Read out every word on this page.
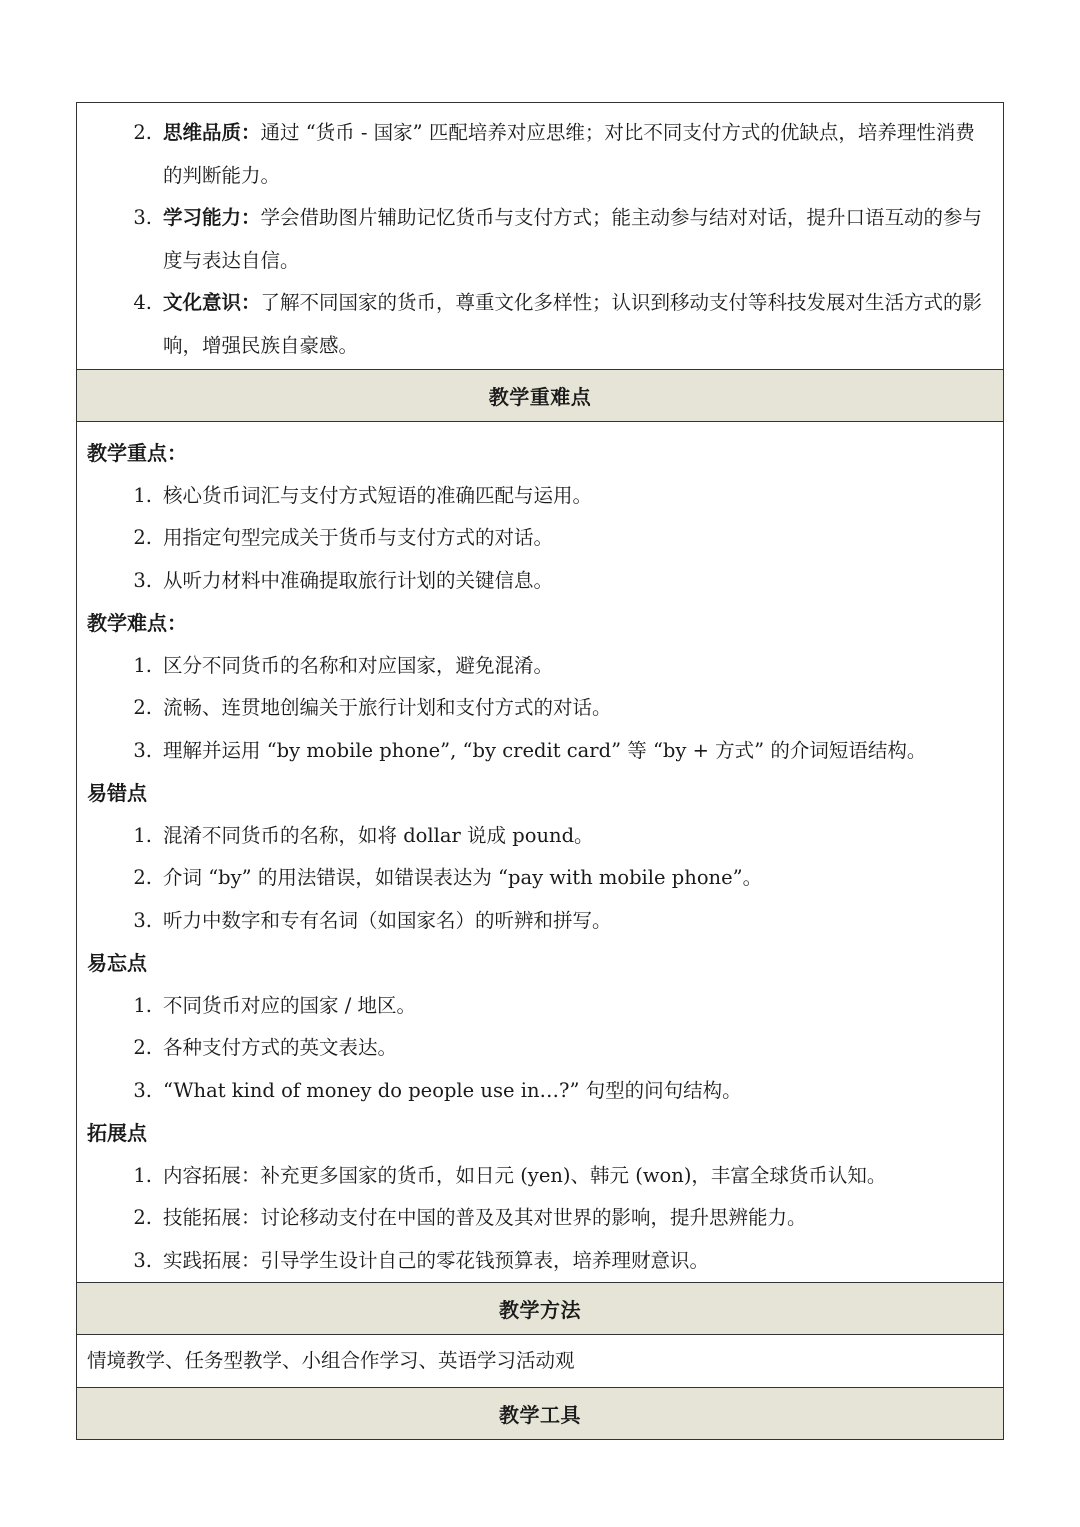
2. 思维品质：通过 “货币 - 国家” 匹配培养对应思维；对比不同支付方式的优缺点，培养理性消费的判断能力。
3. 学习能力：学会借助图片辅助记忆货币与支付方式；能主动参与结对对话，提升口语互动的参与度与表达自信。
4. 文化意识：了解不同国家的货币，尊重文化多样性；认识到移动支付等科技发展对生活方式的影响，增强民族自豪感。
教学重难点
教学重点：
1. 核心货币词汇与支付方式短语的准确匹配与运用。
2. 用指定句型完成关于货币与支付方式的对话。
3. 从听力材料中准确提取旅行计划的关键信息。
教学难点：
1. 区分不同货币的名称和对应国家，避免混淆。
2. 流畅、连贯地创编关于旅行计划和支付方式的对话。
3. 理解并运用 “by mobile phone”, “by credit card” 等 “by + 方式” 的介词短语结构。
易错点
1. 混淆不同货币的名称，如将 dollar 说成 pound。
2. 介词 “by” 的用法错误，如错误表达为 “pay with mobile phone”。
3. 听力中数字和专有名词（如国家名）的听辨和拼写。
易忘点
1. 不同货币对应的国家 / 地区。
2. 各种支付方式的英文表达。
3. “What kind of money do people use in…?” 句型的问句结构。
拓展点
1. 内容拓展：补充更多国家的货币，如日元 (yen)、韩元 (won)，丰富全球货币认知。
2. 技能拓展：讨论移动支付在中国的普及及其对世界的影响，提升思辨能力。
3. 实践拓展：引导学生设计自己的零花钱预算表，培养理财意识。
教学方法
情境教学、任务型教学、小组合作学习、英语学习活动观
教学工具
